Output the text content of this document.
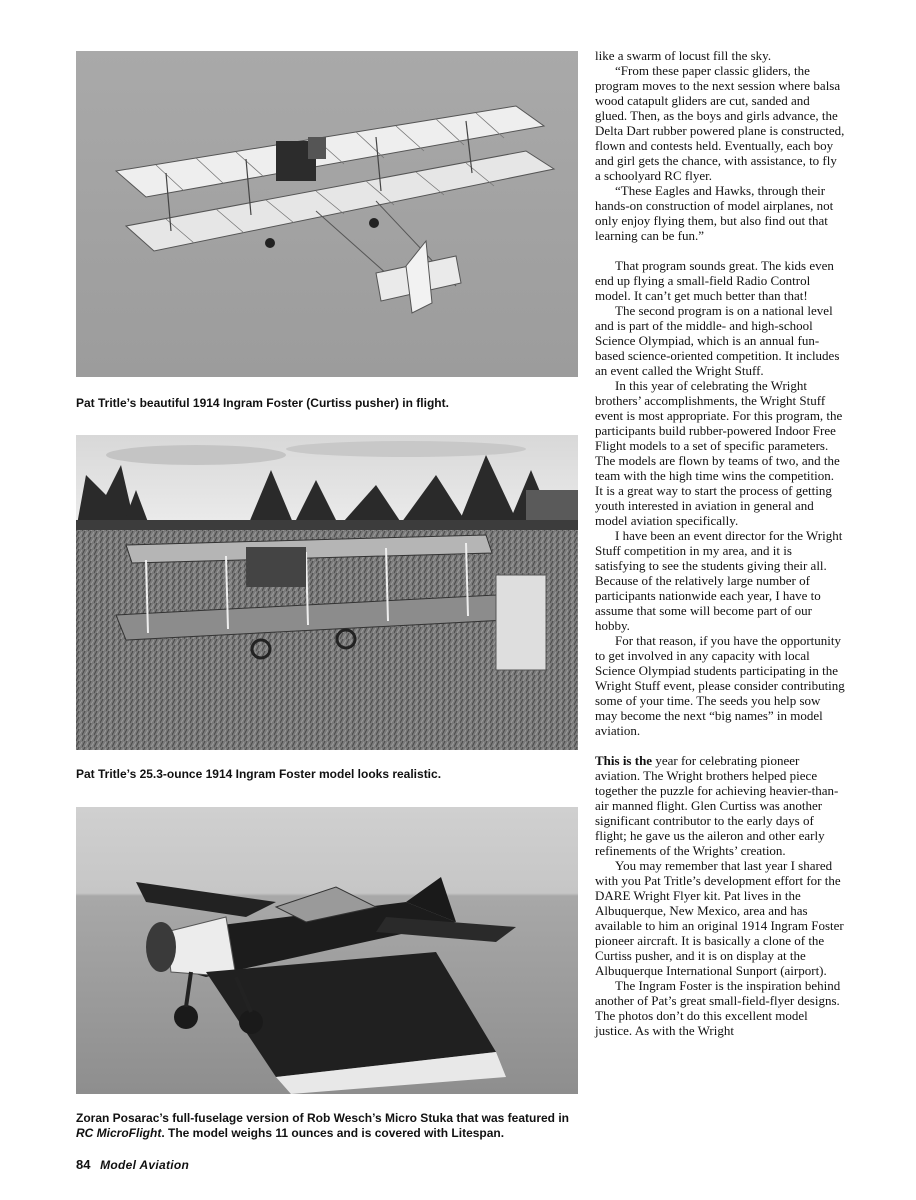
Pat Tritle’s beautiful 1914 Ingram Foster (Curtiss pusher) in flight.
Pat Tritle’s 25.3-ounce 1914 Ingram Foster model looks realistic.
Zoran Posarac’s full-fuselage version of Rob Wesch’s Micro Stuka that was featured in RC MicroFlight. The model weighs 11 ounces and is covered with Litespan.

like a swarm of locust fill the sky.

“From these paper classic gliders, the program moves to the next session where balsa wood catapult gliders are cut, sanded and glued. Then, as the boys and girls advance, the Delta Dart rubber powered plane is constructed, flown and contests held. Eventually, each boy and girl gets the chance, with assistance, to fly a schoolyard RC flyer.

“These Eagles and Hawks, through their hands-on construction of model airplanes, not only enjoy flying them, but also find out that learning can be fun.”

That program sounds great. The kids even end up flying a small-field Radio Control model. It can’t get much better than that!

The second program is on a national level and is part of the middle- and high-school Science Olympiad, which is an annual fun-based science-oriented competition. It includes an event called the Wright Stuff.

In this year of celebrating the Wright brothers’ accomplishments, the Wright Stuff event is most appropriate. For this program, the participants build rubber-powered Indoor Free Flight models to a set of specific parameters. The models are flown by teams of two, and the team with the high time wins the competition. It is a great way to start the process of getting youth interested in aviation in general and model aviation specifically.

I have been an event director for the Wright Stuff competition in my area, and it is satisfying to see the students giving their all. Because of the relatively large number of participants nationwide each year, I have to assume that some will become part of our hobby.

For that reason, if you have the opportunity to get involved in any capacity with local Science Olympiad students participating in the Wright Stuff event, please consider contributing some of your time. The seeds you help sow may become the next “big names” in model aviation.

This is the year for celebrating pioneer aviation. The Wright brothers helped piece together the puzzle for achieving heavier-than-air manned flight. Glen Curtiss was another significant contributor to the early days of flight; he gave us the aileron and other early refinements of the Wrights’ creation.

You may remember that last year I shared with you Pat Tritle’s development effort for the DARE Wright Flyer kit. Pat lives in the Albuquerque, New Mexico, area and has available to him an original 1914 Ingram Foster pioneer aircraft. It is basically a clone of the Curtiss pusher, and it is on display at the Albuquerque International Sunport (airport).

The Ingram Foster is the inspiration behind another of Pat’s great small-field-flyer designs. The photos don’t do this excellent model justice. As with the Wright

84 Model Aviation
